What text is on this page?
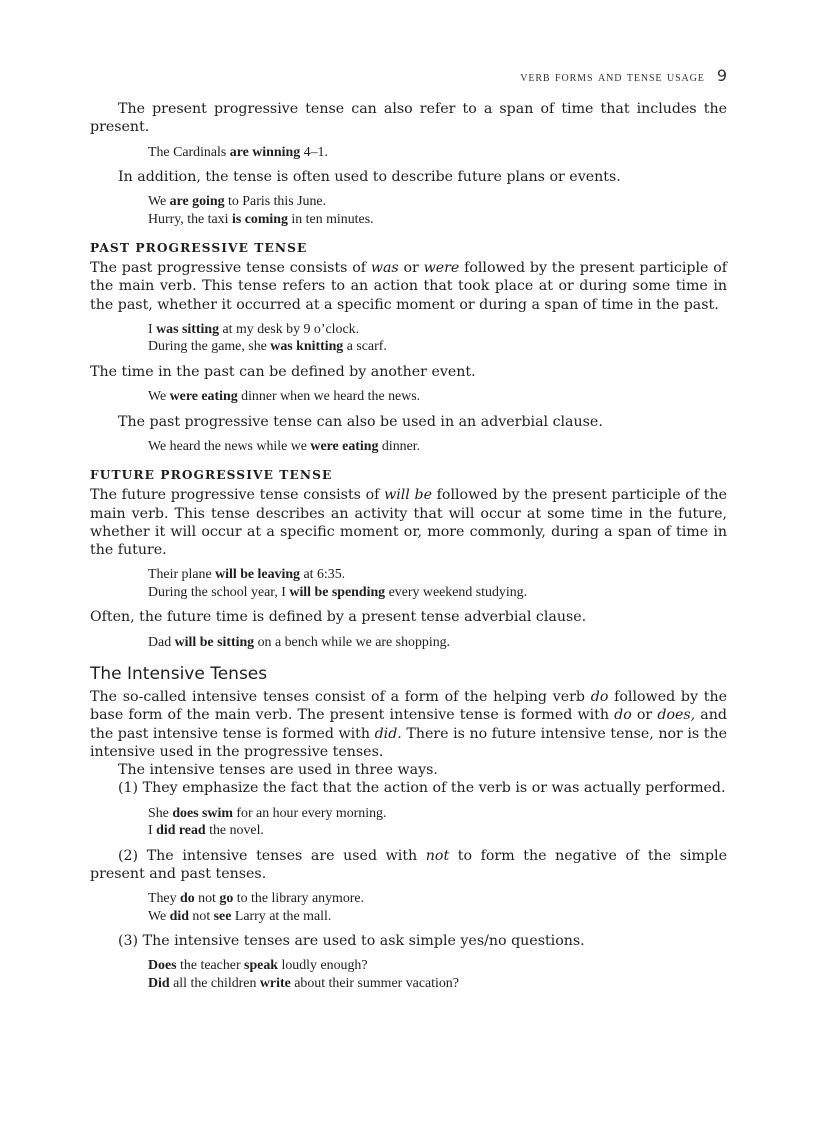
verb forms and tense usage 9

The present progressive tense can also refer to a span of time that includes the present.

The Cardinals are winning 4–1.

In addition, the tense is often used to describe future plans or events.

We are going to Paris this June.
Hurry, the taxi is coming in ten minutes.
PAST PROGRESSIVE TENSE

The past progressive tense consists of was or were followed by the present participle of the main verb. This tense refers to an action that took place at or during some time in the past, whether it occurred at a specific moment or during a span of time in the past.

I was sitting at my desk by 9 o’clock.
During the game, she was knitting a scarf.

The time in the past can be defined by another event.

We were eating dinner when we heard the news.

The past progressive tense can also be used in an adverbial clause.

We heard the news while we were eating dinner.
FUTURE PROGRESSIVE TENSE

The future progressive tense consists of will be followed by the present participle of the main verb. This tense describes an activity that will occur at some time in the future, whether it will occur at a specific moment or, more commonly, during a span of time in the future.

Their plane will be leaving at 6:35.
During the school year, I will be spending every weekend studying.

Often, the future time is defined by a present tense adverbial clause.

Dad will be sitting on a bench while we are shopping.
The Intensive Tenses

The so-called intensive tenses consist of a form of the helping verb do followed by the base form of the main verb. The present intensive tense is formed with do or does, and the past intensive tense is formed with did. There is no future intensive tense, nor is the intensive used in the progressive tenses.

The intensive tenses are used in three ways.

(1) They emphasize the fact that the action of the verb is or was actually performed.

She does swim for an hour every morning.
I did read the novel.

(2) The intensive tenses are used with not to form the negative of the simple present and past tenses.

They do not go to the library anymore.
We did not see Larry at the mall.

(3) The intensive tenses are used to ask simple yes/no questions.

Does the teacher speak loudly enough?
Did all the children write about their summer vacation?
